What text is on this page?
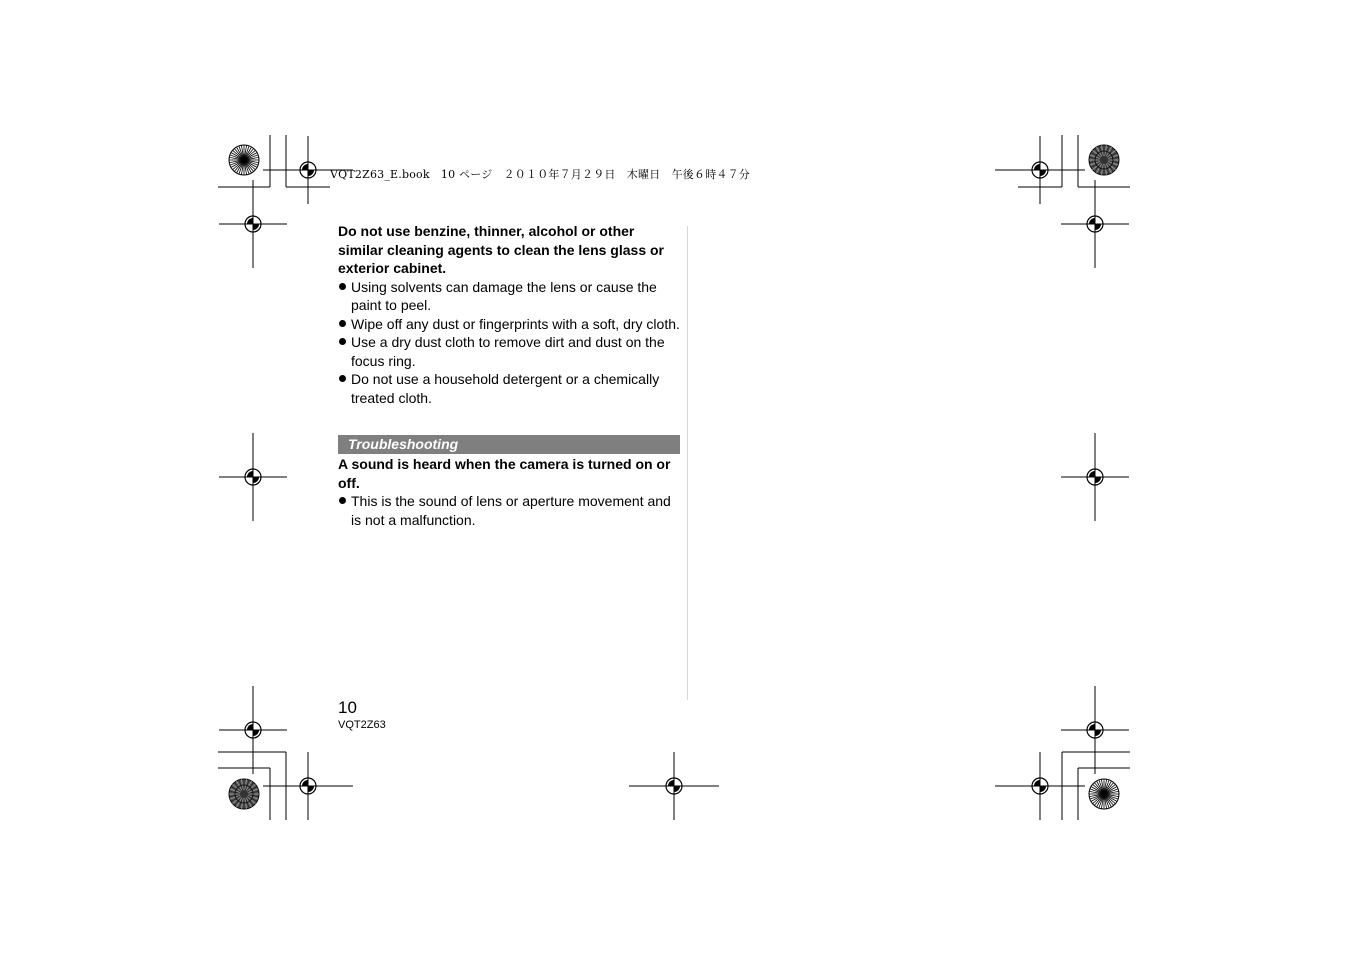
VQT2Z63_E.book　10 ページ　２０１０年７月２９日　木曜日　午後６時４７分

Do not use benzine, thinner, alcohol or other similar cleaning agents to clean the lens glass or exterior cabinet.

Using solvents can damage the lens or cause the paint to peel.
Wipe off any dust or fingerprints with a soft, dry cloth.
Use a dry dust cloth to remove dirt and dust on the focus ring.
Do not use a household detergent or a chemically treated cloth.
Troubleshooting

A sound is heard when the camera is turned on or off.

This is the sound of lens or aperture movement and is not a malfunction.
10
VQT2Z63
